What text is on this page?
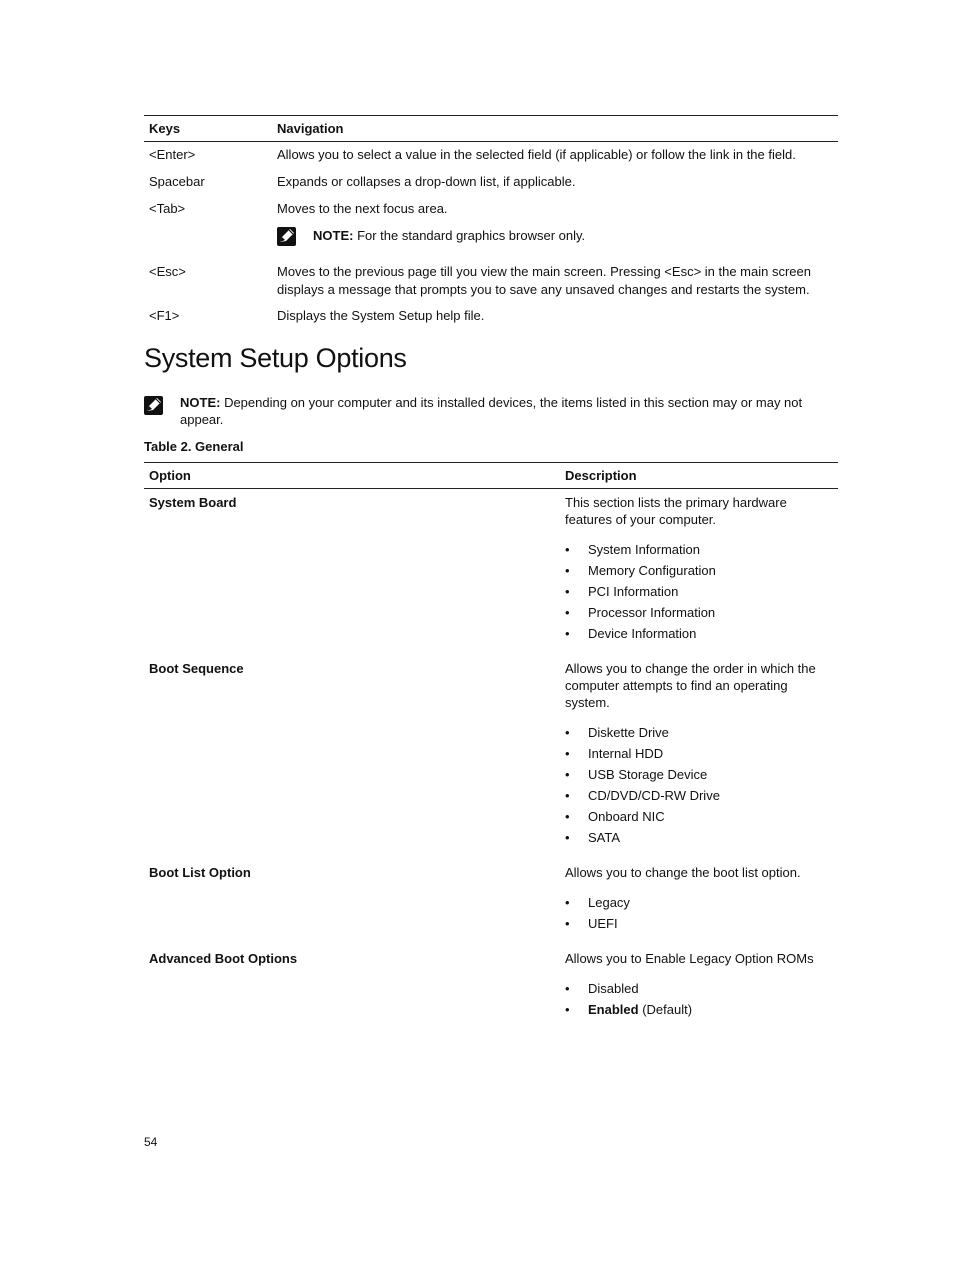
Keys	Navigation
<Enter>	Allows you to select a value in the selected field (if applicable) or follow the link in the field.
Spacebar	Expands or collapses a drop-down list, if applicable.
<Tab>	Moves to the next focus area.
NOTE: For the standard graphics browser only.
<Esc>	Moves to the previous page till you view the main screen. Pressing <Esc> in the main screen displays a message that prompts you to save any unsaved changes and restarts the system.
<F1>	Displays the System Setup help file.
System Setup Options
NOTE: Depending on your computer and its installed devices, the items listed in this section may or may not appear.
Table 2. General
Option	Description
System Board	This section lists the primary hardware features of your computer.
• System Information
• Memory Configuration
• PCI Information
• Processor Information
• Device Information
Boot Sequence	Allows you to change the order in which the computer attempts to find an operating system.
• Diskette Drive
• Internal HDD
• USB Storage Device
• CD/DVD/CD-RW Drive
• Onboard NIC
• SATA
Boot List Option	Allows you to change the boot list option.
• Legacy
• UEFI
Advanced Boot Options	Allows you to Enable Legacy Option ROMs
• Disabled
• Enabled (Default)
54
